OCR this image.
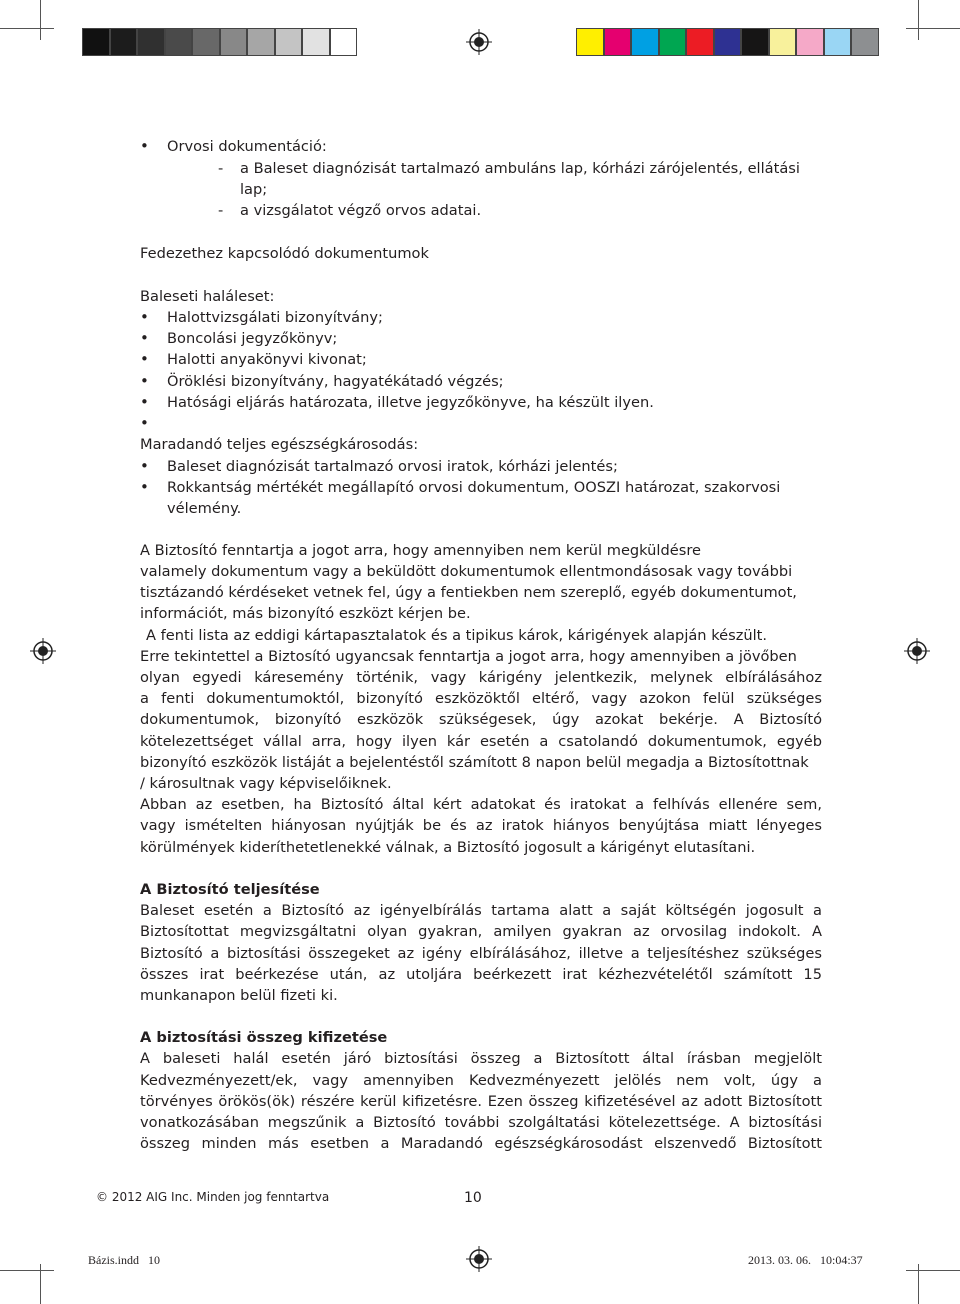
• Orvosi dokumentáció:
- a Baleset diagnózisát tartalmazó ambuláns lap, kórházi zárójelentés, ellátási
lap;
- a vizsgálatot végző orvos adatai.
Fedezethez kapcsolódó dokumentumok
Baleseti haláleset:
• Halottvizsgálati bizonyítvány;
• Boncolási jegyzőkönyv;
• Halotti anyakönyvi kivonat;
• Öröklési bizonyítvány, hagyatékátadó végzés;
• Hatósági eljárás határozata, illetve jegyzőkönyve, ha készült ilyen.
•
Maradandó teljes egészségkárosodás:
• Baleset diagnózisát tartalmazó orvosi iratok, kórházi jelentés;
• Rokkantság mértékét megállapító orvosi dokumentum, OOSZI határozat, szakorvosi
vélemény.
A Biztosító fenntartja a jogot arra, hogy amennyiben nem kerül megküldésre
valamely dokumentum vagy a beküldött dokumentumok ellentmondásosak vagy további
tisztázandó kérdéseket vetnek fel, úgy a fentiekben nem szereplő, egyéb dokumentumot,
információt, más bizonyító eszközt kérjen be.
A fenti lista az eddigi kártapasztalatok és a tipikus károk, kárigények alapján készült.
Erre tekintettel a Biztosító ugyancsak fenntartja a jogot arra, hogy amennyiben a jövőben
olyan egyedi káresemény történik, vagy kárigény jelentkezik, melynek elbírálásához
a fenti dokumentumoktól, bizonyító eszközöktől eltérő, vagy azokon felül szükséges
dokumentumok, bizonyító eszközök szükségesek, úgy azokat bekérje. A Biztosító
kötelezettséget vállal arra, hogy ilyen kár esetén a csatolandó dokumentumok, egyéb
bizonyító eszközök listáját a bejelentéstől számított 8 napon belül megadja a Biztosítottnak
/ károsultnak vagy képviselőiknek.
Abban az esetben, ha Biztosító által kért adatokat és iratokat a felhívás ellenére sem,
vagy ismételten hiányosan nyújtják be és az iratok hiányos benyújtása miatt lényeges
körülmények kideríthetetlenekké válnak, a Biztosító jogosult a kárigényt elutasítani.
A Biztosító teljesítése
Baleset esetén a Biztosító az igényelbírálás tartama alatt a saját költségén jogosult a
Biztosítottat megvizsgáltatni olyan gyakran, amilyen gyakran az orvosilag indokolt. A
Biztosító a biztosítási összegeket az igény elbírálásához, illetve a teljesítéshez szükséges
összes irat beérkezése után, az utoljára beérkezett irat kézhezvételétől számított 15
munkanapon belül fizeti ki.
A biztosítási összeg kifizetése
A baleseti halál esetén járó biztosítási összeg a Biztosított által írásban megjelölt
Kedvezményezett/ek, vagy amennyiben Kedvezményezett jelölés nem volt, úgy a
törvényes örökös(ök) részére kerül kifizetésre. Ezen összeg kifizetésével az adott Biztosított
vonatkozásában megszűnik a Biztosító további szolgáltatási kötelezettsége. A biztosítási
összeg minden más esetben a Maradandó egészségkárosodást elszenvedő Biztosított
© 2012 AIG Inc. Minden jog fenntartva	10
Bázis.indd   10	2013. 03. 06.   10:04:37
